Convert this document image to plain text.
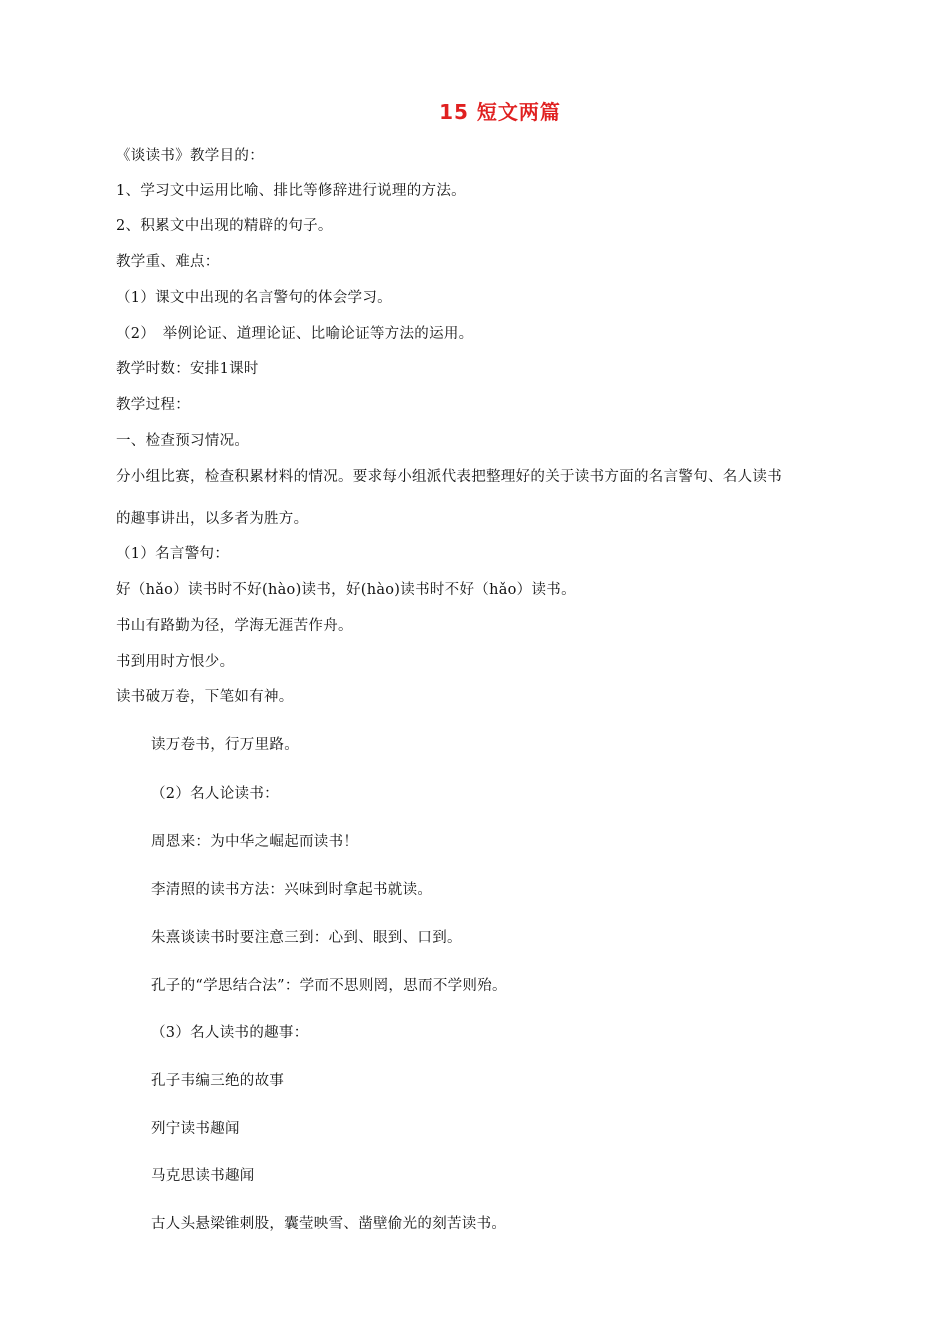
15 短文两篇
《谈读书》教学目的：
1、学习文中运用比喻、排比等修辞进行说理的方法。
2、积累文中出现的精辟的句子。
教学重、难点：
（1）课文中出现的名言警句的体会学习。
（2）　举例论证、道理论证、比喻论证等方法的运用。
教学时数：安排1课时
教学过程：
一、检查预习情况。
分小组比赛，检查积累材料的情况。要求每小组派代表把整理好的关于读书方面的名言警句、名人读书
的趣事讲出，以多者为胜方。
（1）名言警句：
好（hǎo）读书时不好(hào)读书，好(hào)读书时不好（hǎo）读书。
书山有路勤为径，学海无涯苦作舟。
书到用时方恨少。
读书破万卷，下笔如有神。
读万卷书，行万里路。
（2）名人论读书：
周恩来：为中华之崛起而读书！
李清照的读书方法：兴味到时拿起书就读。
朱熹谈读书时要注意三到：心到、眼到、口到。
孔子的“学思结合法”：学而不思则罔，思而不学则殆。
（3）名人读书的趣事：
孔子韦编三绝的故事
列宁读书趣闻
马克思读书趣闻
古人头悬梁锥刺股，囊莹映雪、凿壁偷光的刻苦读书。
